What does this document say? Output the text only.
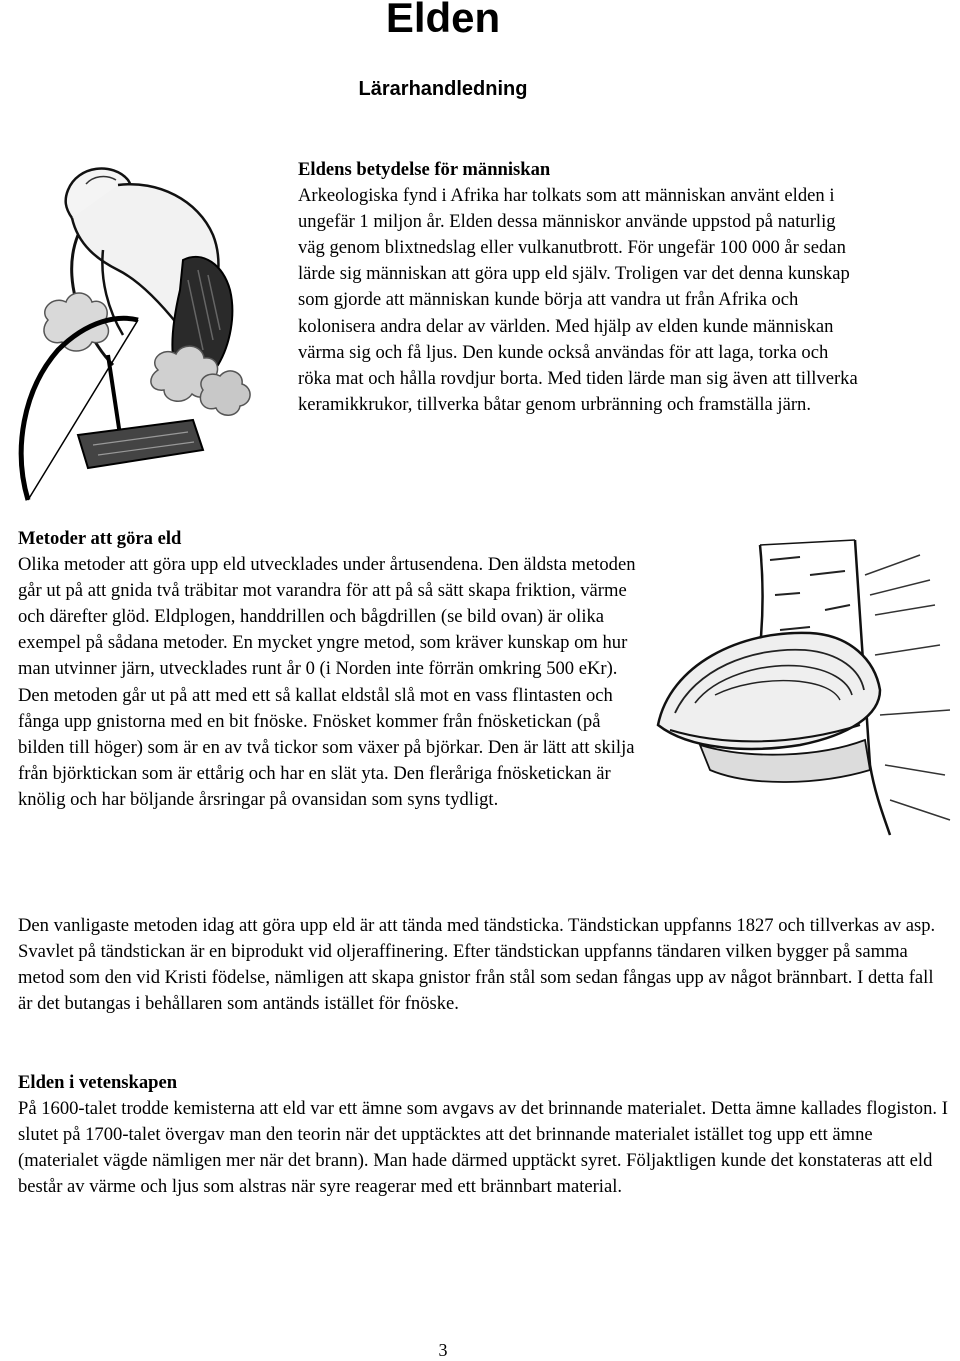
Elden
Lärarhandledning
Eldens betydelse för människan

Arkeologiska fynd i Afrika har tolkats som att människan använt elden i ungefär 1 miljon år. Elden dessa människor använde uppstod på naturlig väg genom blixtnedslag eller vulkanutbrott. För ungefär 100 000 år sedan lärde sig människan att göra upp eld själv. Troligen var det denna kunskap som gjorde att människan kunde börja att vandra ut från Afrika och kolonisera andra delar av världen. Med hjälp av elden kunde människan värma sig och få ljus. Den kunde också användas för att laga, torka och röka mat och hålla rovdjur borta. Med tiden lärde man sig även att tillverka keramikkrukor, tillverka båtar genom urbränning och framställa järn.

Metoder att göra eld

Olika metoder att göra upp eld utvecklades under årtusendena. Den äldsta metoden går ut på att gnida två träbitar mot varandra för att på så sätt skapa friktion, värme och därefter glöd. Eldplogen, handdrillen och bågdrillen (se bild ovan) är olika exempel på sådana metoder. En mycket yngre metod, som kräver kunskap om hur man utvinner järn, utvecklades runt år 0 (i Norden inte förrän omkring 500 eKr). Den metoden går ut på att med ett så kallat eldstål slå mot en vass flintasten och fånga upp gnistorna med en bit fnöske. Fnösket kommer från fnösketickan (på bilden till höger) som är en av två tickor som växer på björkar. Den är lätt att skilja från björktickan som är ettårig och har en slät yta. Den fleråriga fnösketickan är knölig och har böljande årsringar på ovansidan som syns tydligt.

Den vanligaste metoden idag att göra upp eld är att tända med tändsticka. Tändstickan uppfanns 1827 och tillverkas av asp. Svavlet på tändstickan är en biprodukt vid oljeraffinering. Efter tändstickan uppfanns tändaren vilken bygger på samma metod som den vid Kristi födelse, nämligen att skapa gnistor från stål som sedan fångas upp av något brännbart. I detta fall är det butangas i behållaren som antänds istället för fnöske.

Elden i vetenskapen

På 1600-talet trodde kemisterna att eld var ett ämne som avgavs av det brinnande materialet. Detta ämne kallades flogiston. I slutet på 1700-talet övergav man den teorin när det upptäcktes att det brinnande materialet istället tog upp ett ämne (materialet vägde nämligen mer när det brann). Man hade därmed upptäckt syret. Följaktligen kunde det konstateras att eld består av värme och ljus som alstras när syre reagerar med ett brännbart material.

3
